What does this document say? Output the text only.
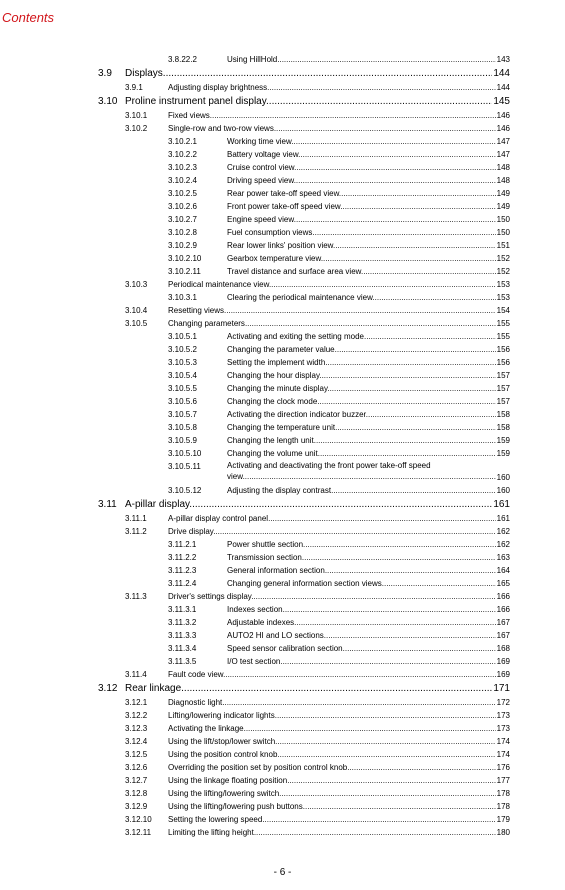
Contents
3.8.22.2	Using HillHold .....	143
3.9 Displays .....	144
3.9.1	Adjusting display brightness .....	144
3.10 Proline instrument panel display .....	145
3.10.1	Fixed views .....	146
3.10.2	Single-row and two-row views .....	146
3.10.2.1	Working time view .....	147
3.10.2.2	Battery voltage view .....	147
3.10.2.3	Cruise control view .....	148
3.10.2.4	Driving speed view .....	148
3.10.2.5	Rear power take-off speed view .....	149
3.10.2.6	Front power take-off speed view .....	149
3.10.2.7	Engine speed view .....	150
3.10.2.8	Fuel consumption views .....	150
3.10.2.9	Rear lower links' position view .....	151
3.10.2.10	Gearbox temperature view .....	152
3.10.2.11	Travel distance and surface area view .....	152
3.10.3	Periodical maintenance view .....	153
3.10.3.1	Clearing the periodical maintenance view .....	153
3.10.4	Resetting views .....	154
3.10.5	Changing parameters .....	155
3.10.5.1	Activating and exiting the setting mode .....	155
3.10.5.2	Changing the parameter value .....	156
3.10.5.3	Setting the implement width .....	156
3.10.5.4	Changing the hour display .....	157
3.10.5.5	Changing the minute display .....	157
3.10.5.6	Changing the clock mode .....	157
3.10.5.7	Activating the direction indicator buzzer .....	158
3.10.5.8	Changing the temperature unit .....	158
3.10.5.9	Changing the length unit .....	159
3.10.5.10	Changing the volume unit .....	159
3.10.5.11	Activating and deactivating the front power take-off speed view .....	160
3.10.5.12	Adjusting the display contrast .....	160
3.11 A-pillar display .....	161
3.11.1	A-pillar display control panel .....	161
3.11.2	Drive display .....	162
3.11.2.1	Power shuttle section .....	162
3.11.2.2	Transmission section .....	163
3.11.2.3	General information section .....	164
3.11.2.4	Changing general information section views .....	165
3.11.3	Driver's settings display .....	166
3.11.3.1	Indexes section .....	166
3.11.3.2	Adjustable indexes .....	167
3.11.3.3	AUTO2 HI and LO sections .....	167
3.11.3.4	Speed sensor calibration section .....	168
3.11.3.5	I/O test section .....	169
3.11.4	Fault code view .....	169
3.12 Rear linkage .....	171
3.12.1	Diagnostic light .....	172
3.12.2	Lifting/lowering indicator lights .....	173
3.12.3	Activating the linkage .....	173
3.12.4	Using the lift/stop/lower switch .....	174
3.12.5	Using the position control knob .....	174
3.12.6	Overriding the position set by position control knob .....	176
3.12.7	Using the linkage floating position .....	177
3.12.8	Using the lifting/lowering switch .....	178
3.12.9	Using the lifting/lowering push buttons .....	178
3.12.10 Setting the lowering speed .....	179
3.12.11 Limiting the lifting height .....	180
- 6 -
